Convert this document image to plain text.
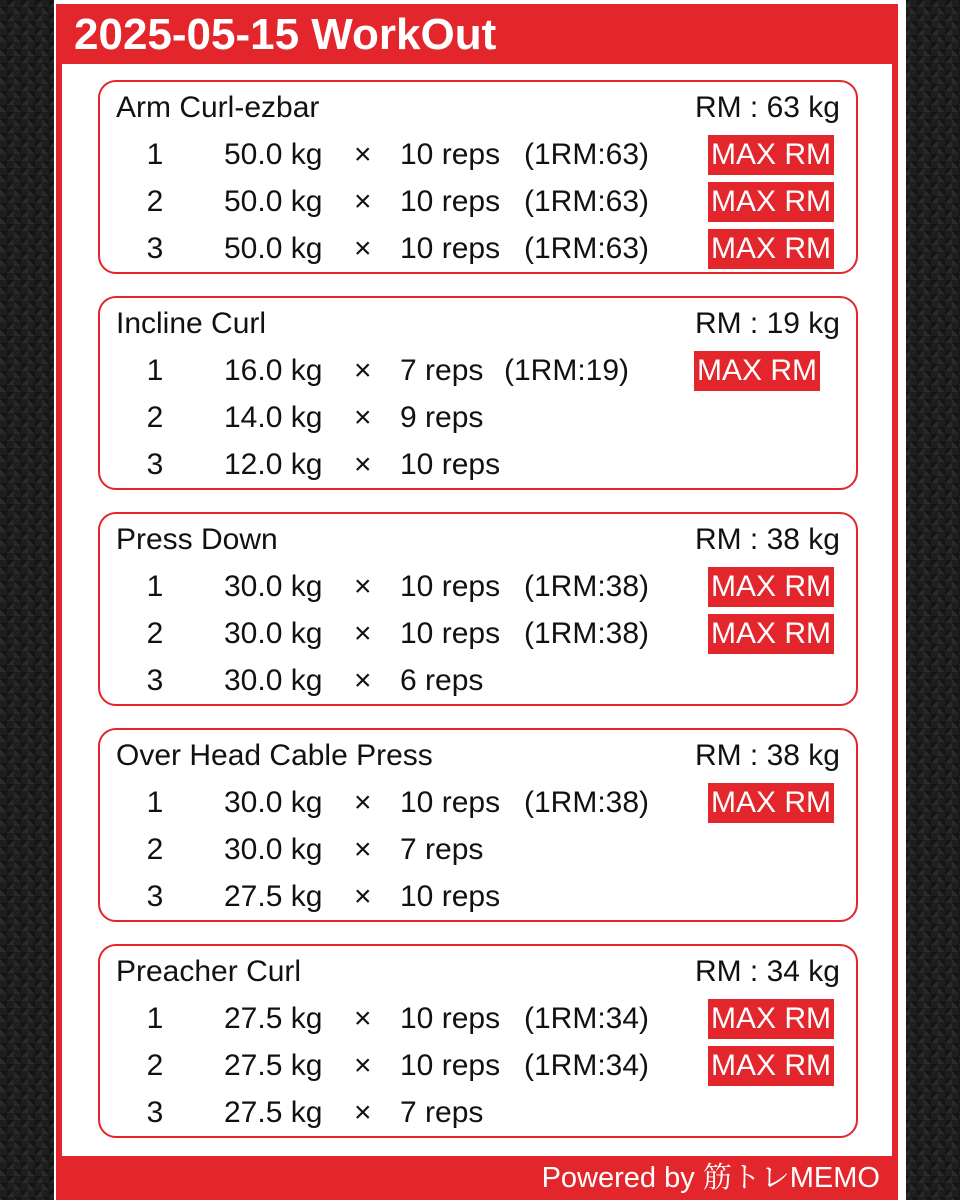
2025-05-15 WorkOut
Arm Curl-ezbar	RM : 63 kg
1 50.0 kg × 10 reps (1RM:63) MAX RM
2 50.0 kg × 10 reps (1RM:63) MAX RM
3 50.0 kg × 10 reps (1RM:63) MAX RM
Incline Curl	RM : 19 kg
1 16.0 kg × 7 reps (1RM:19) MAX RM
2 14.0 kg × 9 reps
3 12.0 kg × 10 reps
Press Down	RM : 38 kg
1 30.0 kg × 10 reps (1RM:38) MAX RM
2 30.0 kg × 10 reps (1RM:38) MAX RM
3 30.0 kg × 6 reps
Over Head Cable Press	RM : 38 kg
1 30.0 kg × 10 reps (1RM:38) MAX RM
2 30.0 kg × 7 reps
3 27.5 kg × 10 reps
Preacher Curl	RM : 34 kg
1 27.5 kg × 10 reps (1RM:34) MAX RM
2 27.5 kg × 10 reps (1RM:34) MAX RM
3 27.5 kg × 7 reps
Powered by 筋トレMEMO
